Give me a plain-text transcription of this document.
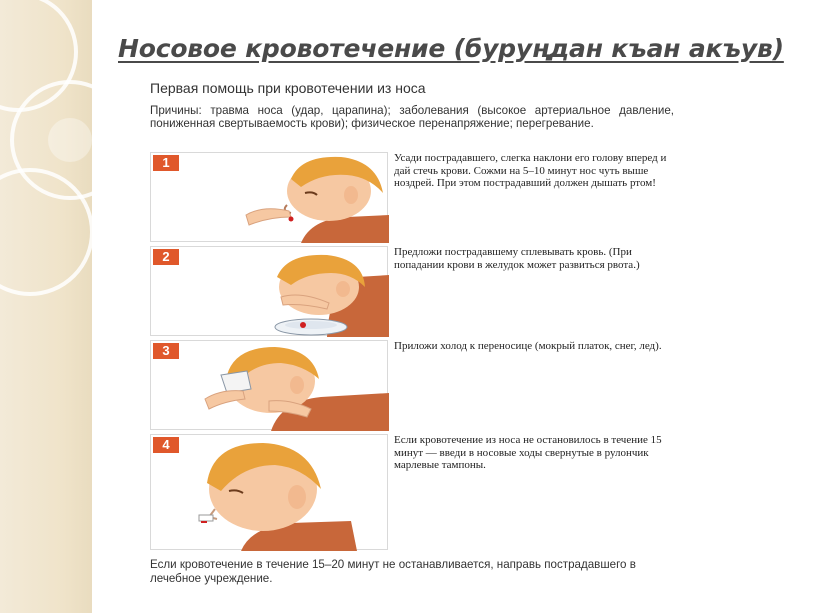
Носовое кровотечение (буруңдан къан акъув)
Первая помощь при кровотечении из носа
Причины: травма носа (удар, царапина); заболевания (высокое артериальное давление, пониженная свертываемость крови); физическое перенапряжение; перегревание.
1	Усади пострадавшего, слегка наклони его голову вперед и дай стечь крови. Сожми на 5–10 минут нос чуть выше ноздрей. При этом пострадавший должен дышать ртом!
2	Предложи пострадавшему сплевывать кровь. (При попадании крови в желудок может развиться рвота.)
3	Приложи холод к переносице (мокрый платок, снег, лед).
4	Если кровотечение из носа не остановилось в течение 15 минут — введи в носовые ходы свернутые в рулончик марлевые тампоны.
Если кровотечение в течение 15–20 минут не останавливается, направь пострадавшего в лечебное учреждение.
